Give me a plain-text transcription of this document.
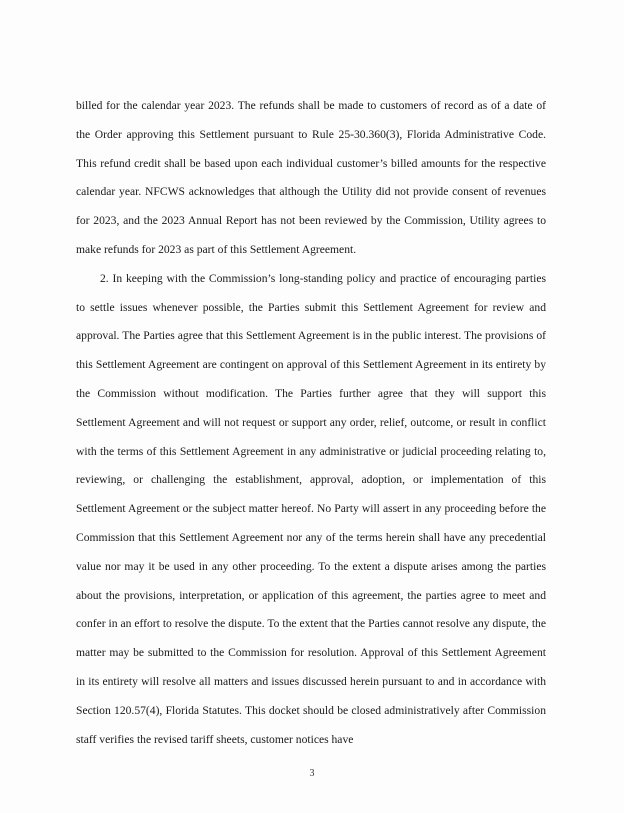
billed for the calendar year 2023. The refunds shall be made to customers of record as of a date of the Order approving this Settlement pursuant to Rule 25-30.360(3), Florida Administrative Code. This refund credit shall be based upon each individual customer’s billed amounts for the respective calendar year. NFCWS acknowledges that although the Utility did not provide consent of revenues for 2023, and the 2023 Annual Report has not been reviewed by the Commission, Utility agrees to make refunds for 2023 as part of this Settlement Agreement.

2. In keeping with the Commission’s long-standing policy and practice of encouraging parties to settle issues whenever possible, the Parties submit this Settlement Agreement for review and approval. The Parties agree that this Settlement Agreement is in the public interest. The provisions of this Settlement Agreement are contingent on approval of this Settlement Agreement in its entirety by the Commission without modification. The Parties further agree that they will support this Settlement Agreement and will not request or support any order, relief, outcome, or result in conflict with the terms of this Settlement Agreement in any administrative or judicial proceeding relating to, reviewing, or challenging the establishment, approval, adoption, or implementation of this Settlement Agreement or the subject matter hereof. No Party will assert in any proceeding before the Commission that this Settlement Agreement nor any of the terms herein shall have any precedential value nor may it be used in any other proceeding. To the extent a dispute arises among the parties about the provisions, interpretation, or application of this agreement, the parties agree to meet and confer in an effort to resolve the dispute. To the extent that the Parties cannot resolve any dispute, the matter may be submitted to the Commission for resolution. Approval of this Settlement Agreement in its entirety will resolve all matters and issues discussed herein pursuant to and in accordance with Section 120.57(4), Florida Statutes. This docket should be closed administratively after Commission staff verifies the revised tariff sheets, customer notices have

3
